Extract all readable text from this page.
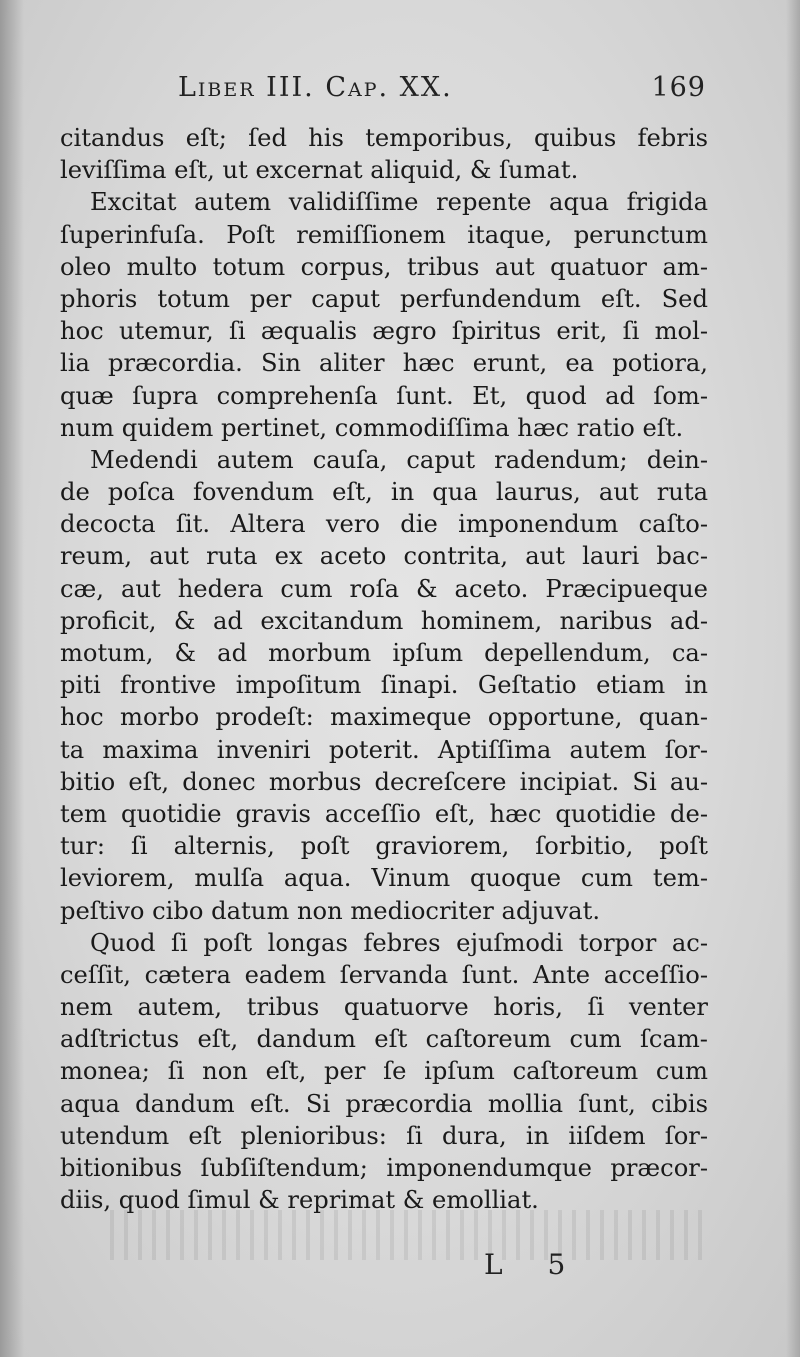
Liber III. Cap. XX.	169
citandus eſt; ſed his temporibus, quibus febris
leviſſima eſt, ut excernat aliquid, & ſumat.
Excitat autem validiſſime repente aqua frigida
ſuperinfuſa. Poſt remiſſionem itaque, perunctum
oleo multo totum corpus, tribus aut quatuor am-
phoris totum per caput perfundendum eſt. Sed
hoc utemur, ſi æqualis ægro ſpiritus erit, ſi mol-
lia præcordia. Sin aliter hæc erunt, ea potiora,
quæ ſupra comprehenſa ſunt. Et, quod ad ſom-
num quidem pertinet, commodiſſima hæc ratio eſt.
Medendi autem cauſa, caput radendum; dein-
de poſca fovendum eſt, in qua laurus, aut ruta
decocta ſit. Altera vero die imponendum caſto-
reum, aut ruta ex aceto contrita, aut lauri bac-
cæ, aut hedera cum roſa & aceto. Præcipueque
proficit, & ad excitandum hominem, naribus ad-
motum, & ad morbum ipſum depellendum, ca-
piti frontive impoſitum ſinapi. Geſtatio etiam in
hoc morbo prodeſt: maximeque opportune, quan-
ta maxima inveniri poterit. Aptiſſima autem ſor-
bitio eſt, donec morbus decreſcere incipiat. Si au-
tem quotidie gravis acceſſio eſt, hæc quotidie de-
tur: ſi alternis, poſt graviorem, ſorbitio, poſt
leviorem, mulſa aqua. Vinum quoque cum tem-
peſtivo cibo datum non mediocriter adjuvat.
Quod ſi poſt longas febres ejuſmodi torpor ac-
ceſſit, cætera eadem ſervanda ſunt. Ante acceſſio-
nem autem, tribus quatuorve horis, ſi venter
adſtrictus eſt, dandum eſt caſtoreum cum ſcam-
monea; ſi non eſt, per ſe ipſum caſtoreum cum
aqua dandum eſt. Si præcordia mollia ſunt, cibis
utendum eſt plenioribus: ſi dura, in iiſdem ſor-
bitionibus ſubſiſtendum; imponendumque præcor-
diis, quod ſimul & reprimat & emolliat.
L 5
